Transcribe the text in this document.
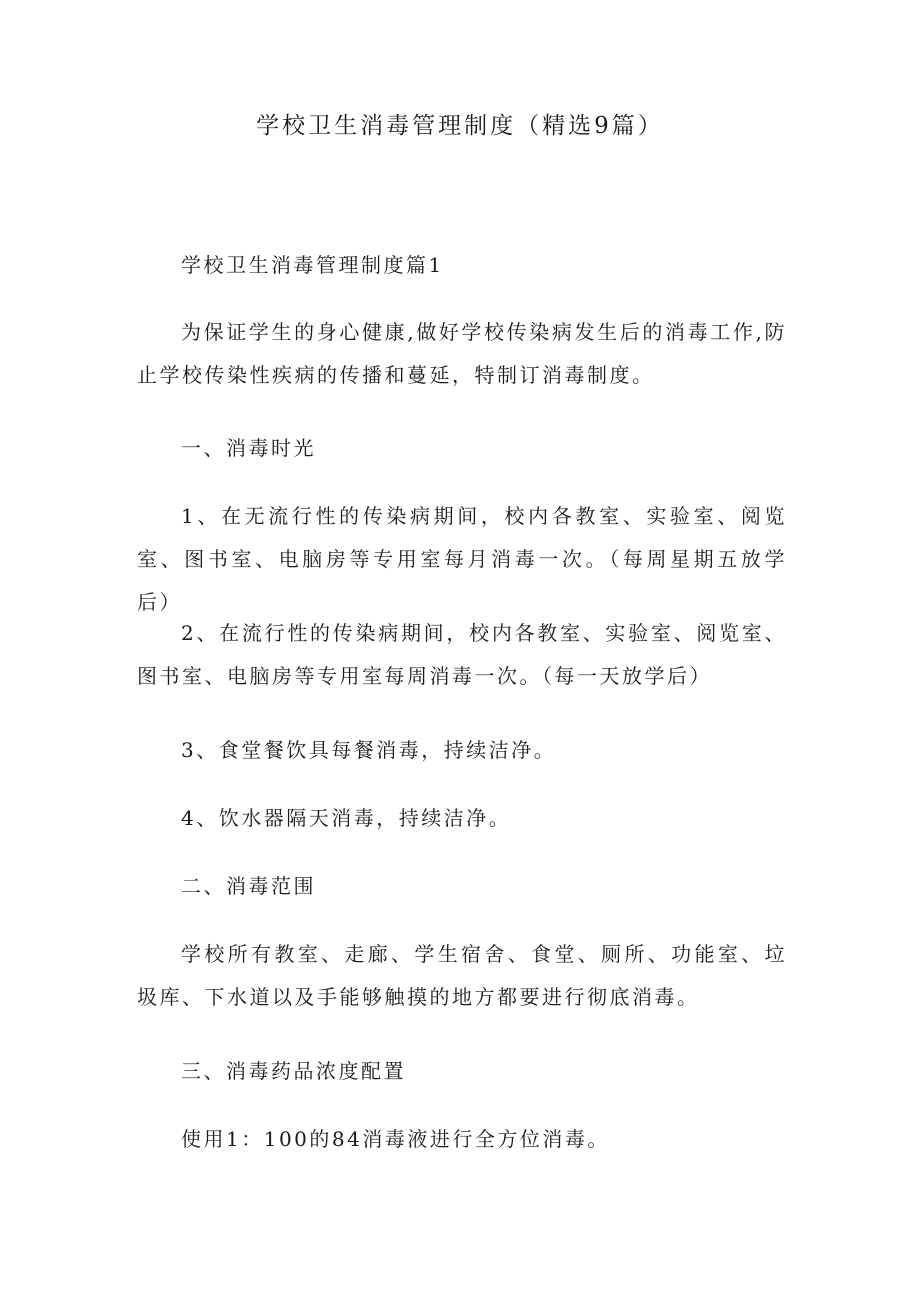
学校卫生消毒管理制度（精选9篇）

学校卫生消毒管理制度篇1

为保证学生的身心健康,做好学校传染病发生后的消毒工作,防止学校传染性疾病的传播和蔓延，特制订消毒制度。

一、消毒时光

1、在无流行性的传染病期间，校内各教室、实验室、阅览室、图书室、电脑房等专用室每月消毒一次。（每周星期五放学后）

2、在流行性的传染病期间，校内各教室、实验室、阅览室、图书室、电脑房等专用室每周消毒一次。（每一天放学后）

3、食堂餐饮具每餐消毒，持续洁净。

4、饮水器隔天消毒，持续洁净。

二、消毒范围

学校所有教室、走廊、学生宿舍、食堂、厕所、功能室、垃圾库、下水道以及手能够触摸的地方都要进行彻底消毒。

三、消毒药品浓度配置

使用1：100的84消毒液进行全方位消毒。
